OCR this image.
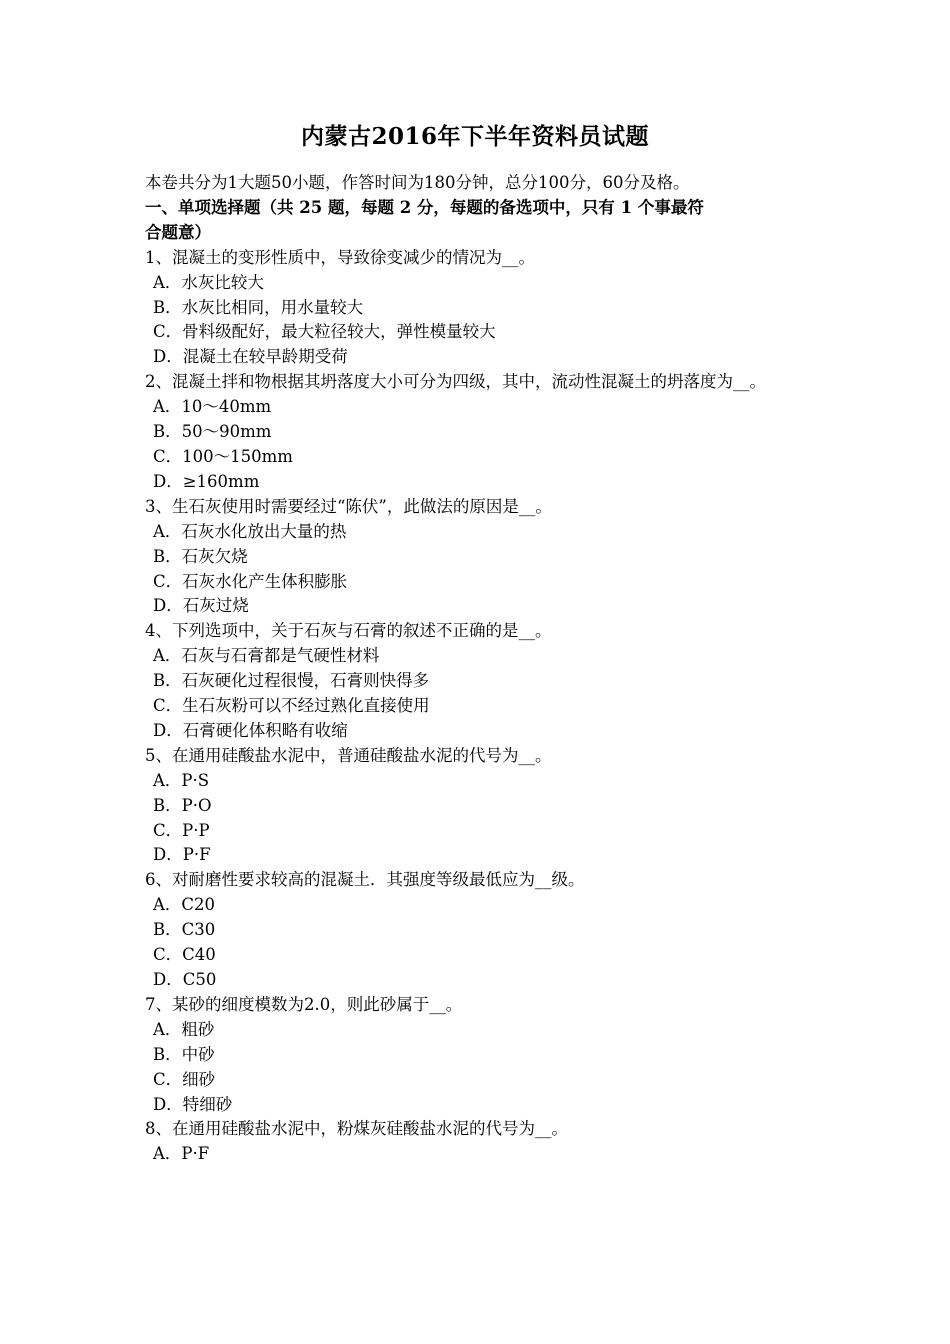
内蒙古2016年下半年资料员试题
本卷共分为1大题50小题，作答时间为180分钟，总分100分，60分及格。
一、单项选择题（共 25 题，每题 2 分，每题的备选项中，只有 1 个事最符
合题意）
1、混凝土的变形性质中，导致徐变减少的情况为__。
A．水灰比较大
B．水灰比相同，用水量较大
C．骨料级配好，最大粒径较大，弹性模量较大
D．混凝土在较早龄期受荷
2、混凝土拌和物根据其坍落度大小可分为四级，其中，流动性混凝土的坍落度为__。
A．10～40mm
B．50～90mm
C．100～150mm
D．≥160mm
3、生石灰使用时需要经过“陈伏”，此做法的原因是__。
A．石灰水化放出大量的热
B．石灰欠烧
C．石灰水化产生体积膨胀
D．石灰过烧
4、下列选项中，关于石灰与石膏的叙述不正确的是__。
A．石灰与石膏都是气硬性材料
B．石灰硬化过程很慢，石膏则快得多
C．生石灰粉可以不经过熟化直接使用
D．石膏硬化体积略有收缩
5、在通用硅酸盐水泥中，普通硅酸盐水泥的代号为__。
A．P·S
B．P·O
C．P·P
D．P·F
6、对耐磨性要求较高的混凝土．其强度等级最低应为__级。
A．C20
B．C30
C．C40
D．C50
7、某砂的细度模数为2.0，则此砂属于__。
A．粗砂
B．中砂
C．细砂
D．特细砂
8、在通用硅酸盐水泥中，粉煤灰硅酸盐水泥的代号为__。
A．P·F
